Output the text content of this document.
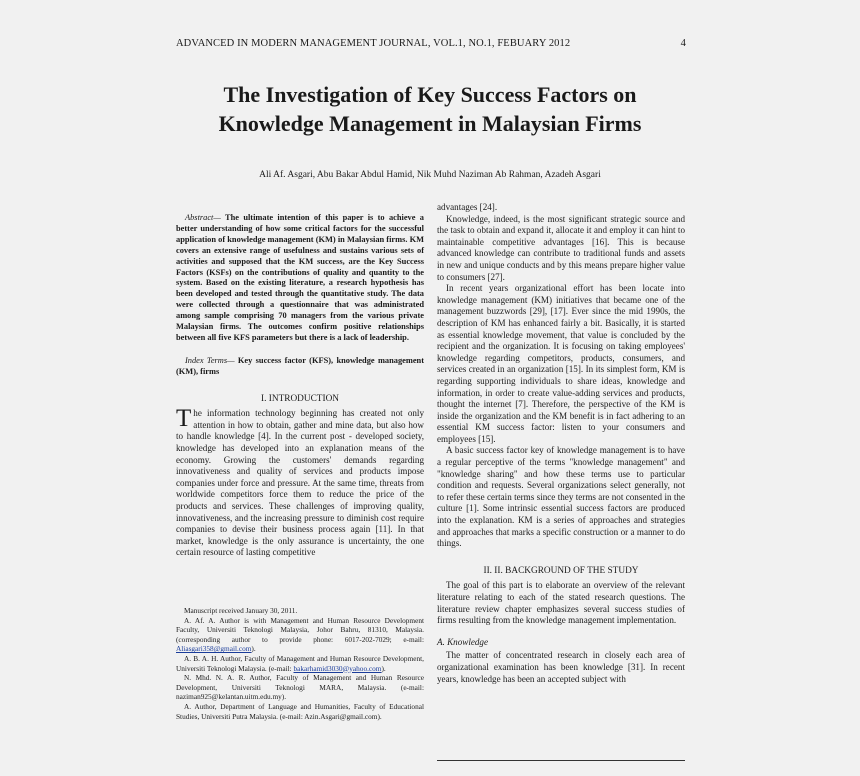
ADVANCED IN MODERN MANAGEMENT JOURNAL, VOL.1, NO.1, FEBUARY 2012	4
The Investigation of Key Success Factors on
Knowledge Management in Malaysian Firms
Ali Af. Asgari, Abu Bakar Abdul Hamid, Nik Muhd Naziman Ab Rahman, Azadeh Asgari

Abstract— The ultimate intention of this paper is to achieve a better understanding of how some critical factors for the successful application of knowledge management (KM) in Malaysian firms. KM covers an extensive range of usefulness and sustains various sets of activities and supposed that the KM success, are the Key Success Factors (KSFs) on the contributions of quality and quantity to the system. Based on the existing literature, a research hypothesis has been developed and tested through the quantitative study. The data were collected through a questionnaire that was administrated among sample comprising 70 managers from the various private Malaysian firms. The outcomes confirm positive relationships between all five KFS parameters but there is a lack of leadership.

Index Terms— Key success factor (KFS), knowledge management (KM), firms

I. INTRODUCTION

The information technology beginning has created not only attention in how to obtain, gather and mine data, but also how to handle knowledge [4]. In the current post - developed society, knowledge has developed into an explanation means of the economy. Growing the customers' demands regarding innovativeness and quality of services and products impose companies under force and pressure. At the same time, threats from worldwide competitors force them to reduce the price of the products and services. These challenges of improving quality, innovativeness, and the increasing pressure to diminish cost require companies to devise their business process again [11]. In that market, knowledge is the only assurance is uncertainty, the one certain resource of lasting competitive

Manuscript received January 30, 2011.

A. Af. A. Author is with Management and Human Resource Development Faculty, Universiti Teknologi Malaysia, Johor Bahru, 81310, Malaysia. (corresponding author to provide phone: 6017-202-7029; e-mail: Aliasgari358@gmail.com).

A. B. A. H. Author, Faculty of Management and Human Resource Development, Universiti Teknologi Malaysia. (e-mail: bakarhamid3030@yahoo.com).

N. Mhd. N. A. R. Author, Faculty of Management and Human Resource Development, Universiti Teknologi MARA, Malaysia. (e-mail: naziman925@kelantan.uitm.edu.my).

A. Author, Department of Language and Humanities, Faculty of Educational Studies, Universiti Putra Malaysia. (e-mail: Azin.Asgari@gmail.com).

advantages [24].

Knowledge, indeed, is the most significant strategic source and the task to obtain and expand it, allocate it and employ it can hint to maintainable competitive advantages [16]. This is because advanced knowledge can contribute to traditional funds and assets in new and unique conducts and by this means prepare higher value to consumers [27].

In recent years organizational effort has been locate into knowledge management (KM) initiatives that became one of the management buzzwords [29], [17]. Ever since the mid 1990s, the description of KM has enhanced fairly a bit. Basically, it is started as essential knowledge movement, that value is concluded by the recipient and the organization. It is focusing on taking employees' knowledge regarding competitors, products, consumers, and services created in an organization [15]. In its simplest form, KM is regarding supporting individuals to share ideas, knowledge and information, in order to create value-adding services and products, thought the internet [7]. Therefore, the perspective of the KM is inside the organization and the KM benefit is in fact adhering to an essential KM success factor: listen to your consumers and employees [15].

A basic success factor key of knowledge management is to have a regular perceptive of the terms "knowledge management" and "knowledge sharing" and how these terms use to particular condition and requests. Several organizations select generally, not to refer these certain terms since they terms are not consented in the culture [1]. Some intrinsic essential success factors are produced into the explanation. KM is a series of approaches and strategies and approaches that marks a specific construction or a manner to do things.

II. II. BACKGROUND OF THE STUDY

The goal of this part is to elaborate an overview of the relevant literature relating to each of the stated research questions. The literature review chapter emphasizes several success studies of firms resulting from the knowledge management implementation.

A. Knowledge

The matter of concentrated research in closely each area of organizational examination has been knowledge [31]. In recent years, knowledge has been an accepted subject with
